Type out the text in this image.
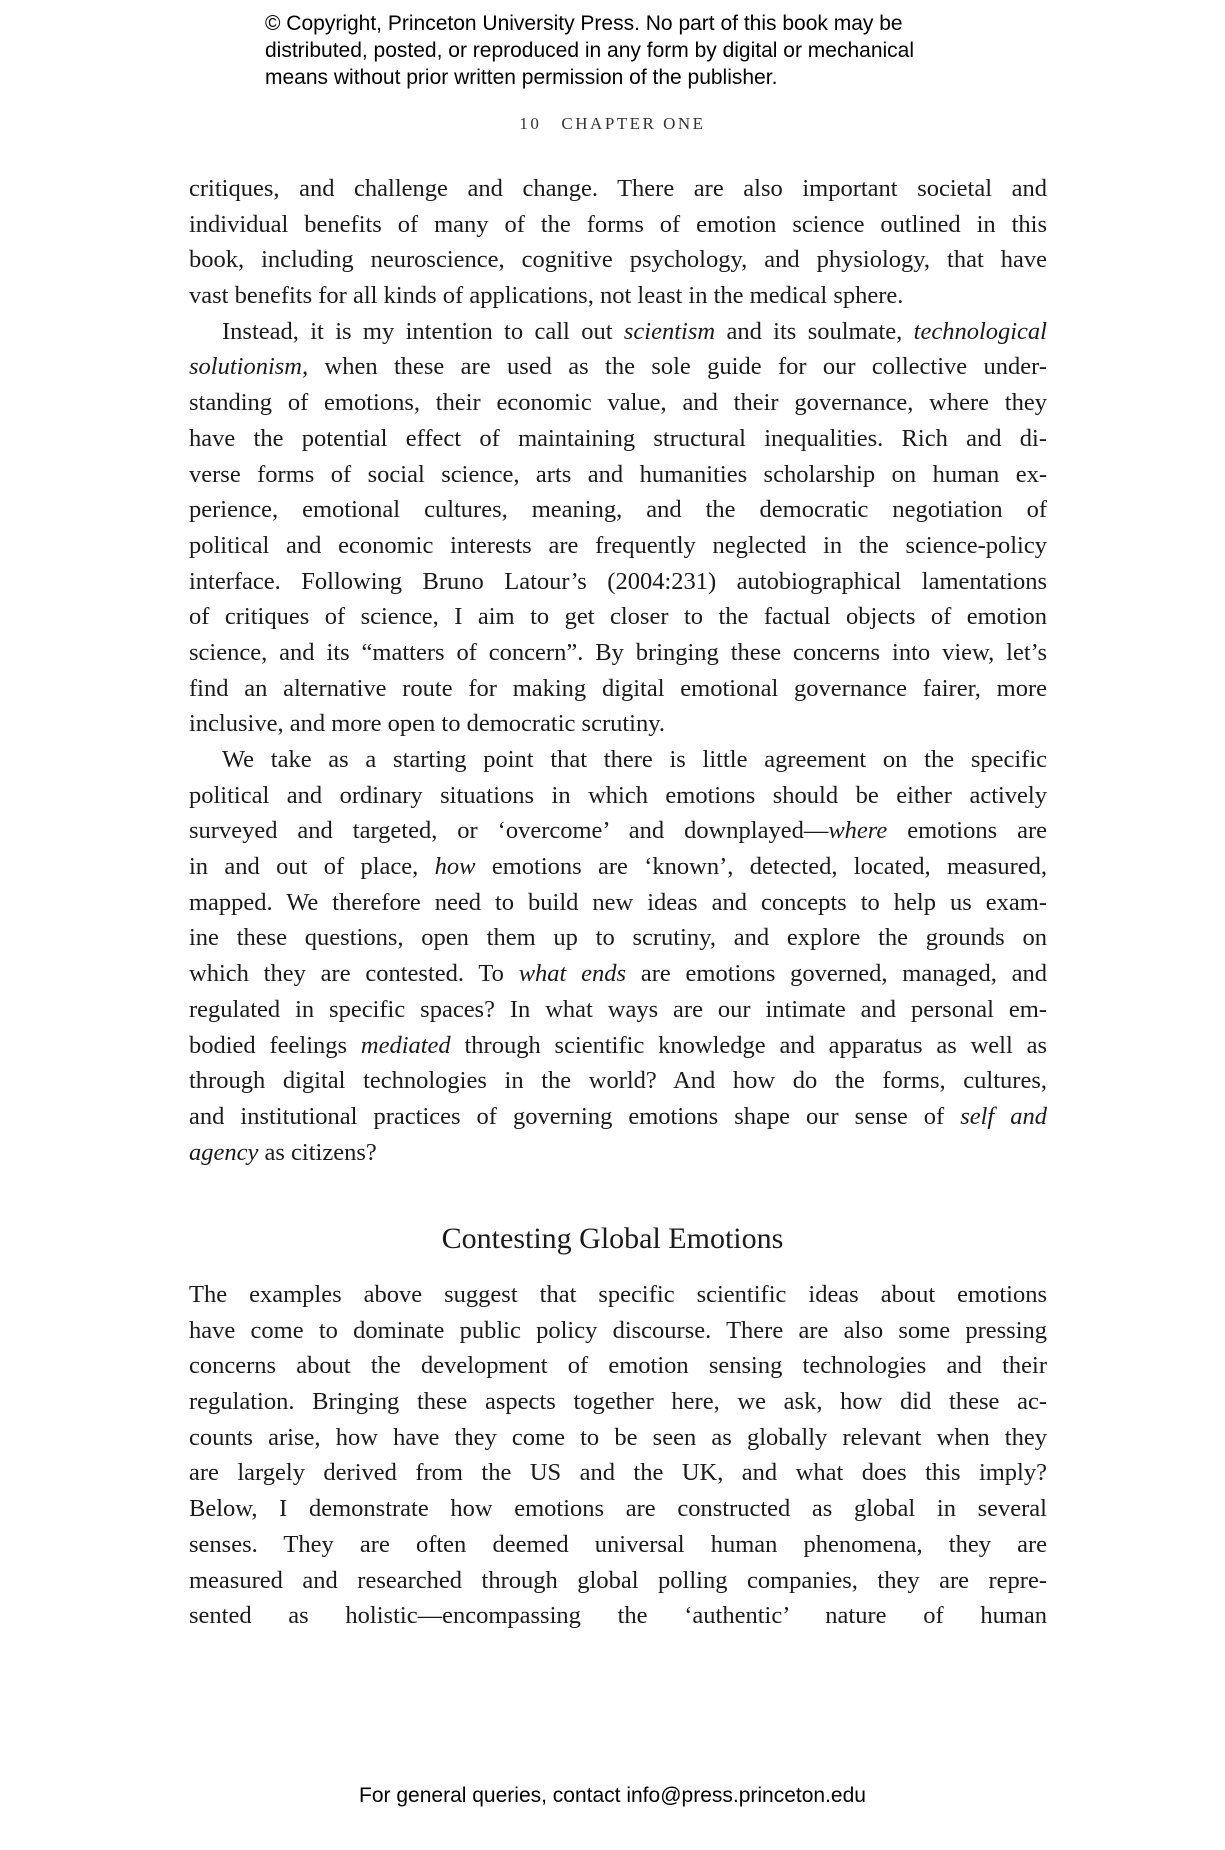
© Copyright, Princeton University Press. No part of this book may be
distributed, posted, or reproduced in any form by digital or mechanical
means without prior written permission of the publisher.
10 CHAPTER ONE
critiques, and challenge and change. There are also important societal and
individual benefits of many of the forms of emotion science outlined in this
book, including neuroscience, cognitive psychology, and physiology, that have
vast benefits for all kinds of applications, not least in the medical sphere.
Instead, it is my intention to call out scientism and its soulmate, technological
solutionism, when these are used as the sole guide for our collective under-
standing of emotions, their economic value, and their governance, where they
have the potential effect of maintaining structural inequalities. Rich and di-
verse forms of social science, arts and humanities scholarship on human ex-
perience, emotional cultures, meaning, and the democratic negotiation of
political and economic interests are frequently neglected in the science-policy
interface. Following Bruno Latour’s (2004:231) autobiographical lamentations
of critiques of science, I aim to get closer to the factual objects of emotion
science, and its “matters of concern”. By bringing these concerns into view, let’s
find an alternative route for making digital emotional governance fairer, more
inclusive, and more open to democratic scrutiny.
We take as a starting point that there is little agreement on the specific
political and ordinary situations in which emotions should be either actively
surveyed and targeted, or ‘overcome’ and downplayed—where emotions are
in and out of place, how emotions are ‘known’, detected, located, measured,
mapped. We therefore need to build new ideas and concepts to help us exam-
ine these questions, open them up to scrutiny, and explore the grounds on
which they are contested. To what ends are emotions governed, managed, and
regulated in specific spaces? In what ways are our intimate and personal em-
bodied feelings mediated through scientific knowledge and apparatus as well as
through digital technologies in the world? And how do the forms, cultures,
and institutional practices of governing emotions shape our sense of self and
agency as citizens?
Contesting Global Emotions
The examples above suggest that specific scientific ideas about emotions
have come to dominate public policy discourse. There are also some pressing
concerns about the development of emotion sensing technologies and their
regulation. Bringing these aspects together here, we ask, how did these ac-
counts arise, how have they come to be seen as globally relevant when they
are largely derived from the US and the UK, and what does this imply?
Below, I demonstrate how emotions are constructed as global in several
senses. They are often deemed universal human phenomena, they are
measured and researched through global polling companies, they are repre-
sented as holistic—encompassing the ‘authentic’ nature of human
For general queries, contact info@press.princeton.edu
